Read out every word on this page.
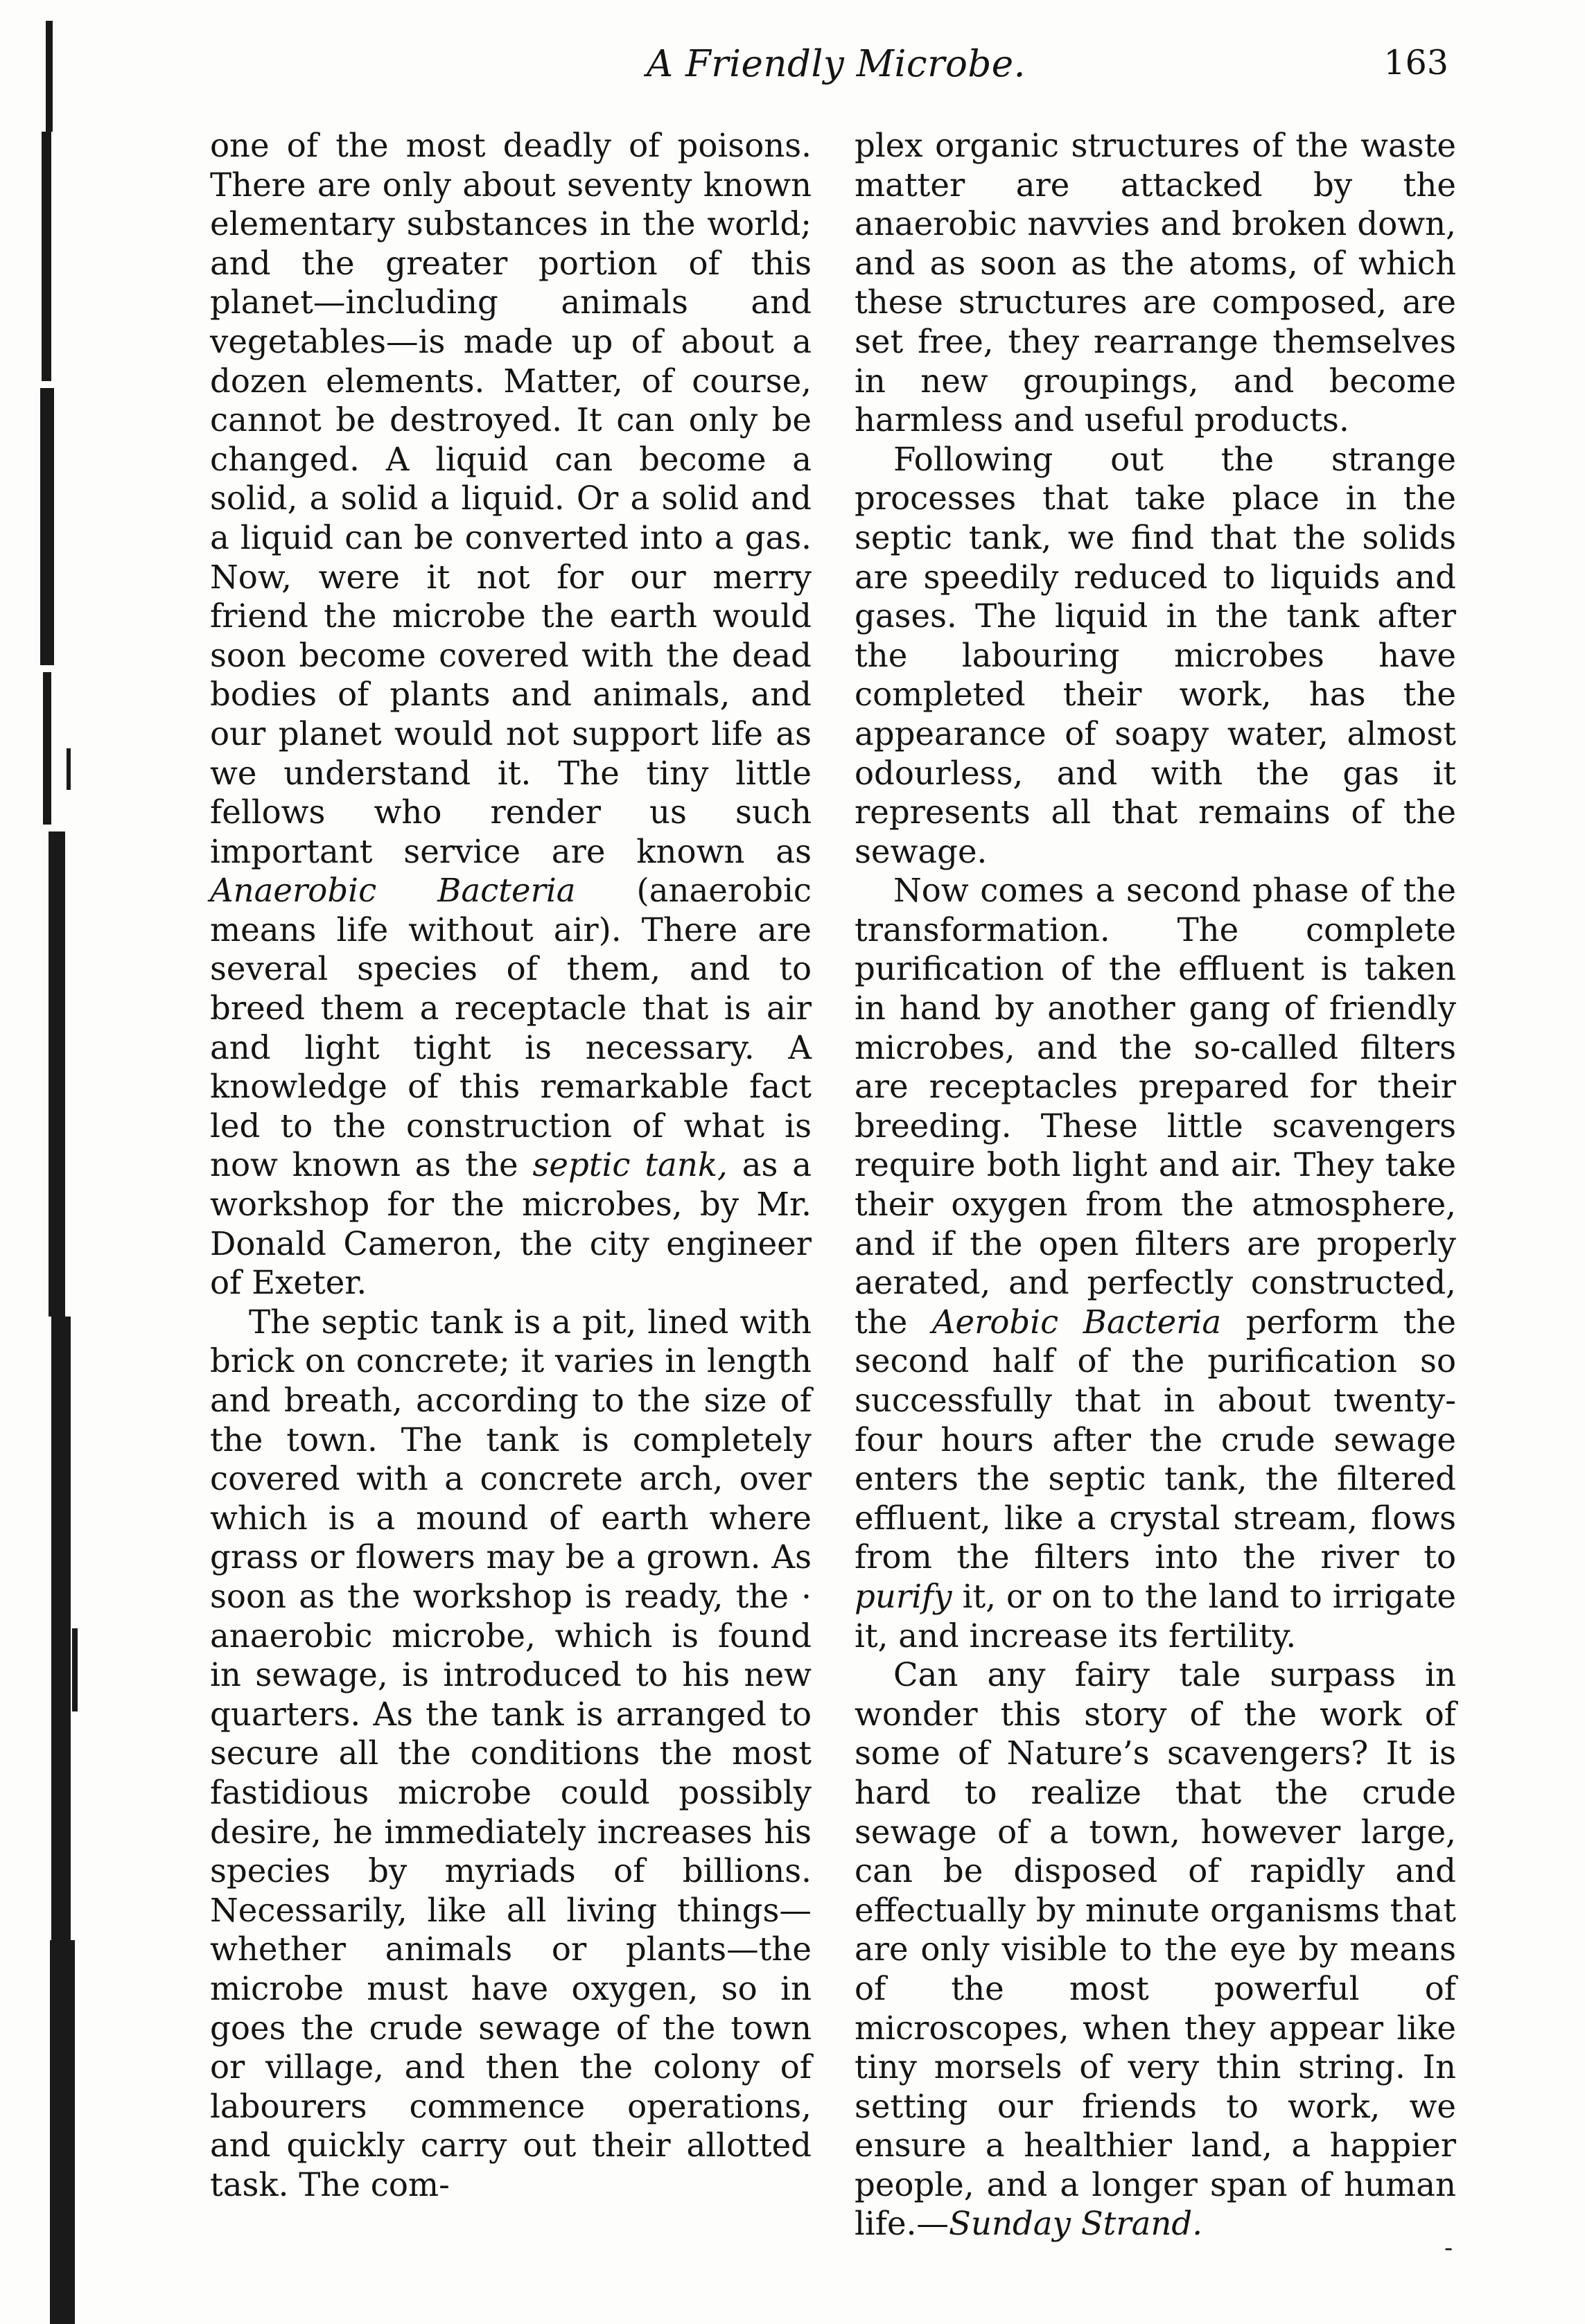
A Friendly Microbe.	163

one of the most deadly of poisons. There are only about seventy known elementary substances in the world; and the greater portion of this planet—including animals and vegetables—is made up of about a dozen elements. Matter, of course, cannot be destroyed. It can only be changed. A liquid can become a solid, a solid a liquid. Or a solid and a liquid can be converted into a gas. Now, were it not for our merry friend the microbe the earth would soon become covered with the dead bodies of plants and animals, and our planet would not support life as we understand it. The tiny little fellows who render us such important service are known as Anaerobic Bacteria (anaerobic means life without air). There are several species of them, and to breed them a receptacle that is air and light tight is necessary. A knowledge of this remarkable fact led to the construction of what is now known as the septic tank, as a workshop for the microbes, by Mr. Donald Cameron, the city engineer of Exeter.

The septic tank is a pit, lined with brick on concrete; it varies in length and breath, according to the size of the town. The tank is completely covered with a concrete arch, over which is a mound of earth where grass or flowers may be a grown. As soon as the workshop is ready, the · anaerobic microbe, which is found in sewage, is introduced to his new quarters. As the tank is arranged to secure all the conditions the most fastidious microbe could possibly desire, he immediately increases his species by myriads of billions. Necessarily, like all living things—whether animals or plants—the microbe must have oxygen, so in goes the crude sewage of the town or village, and then the colony of labourers commence operations, and quickly carry out their allotted task. The com-

plex organic structures of the waste matter are attacked by the anaerobic navvies and broken down, and as soon as the atoms, of which these structures are composed, are set free, they rearrange themselves in new groupings, and become harmless and useful products.

Following out the strange processes that take place in the septic tank, we find that the solids are speedily reduced to liquids and gases. The liquid in the tank after the labouring microbes have completed their work, has the appearance of soapy water, almost odourless, and with the gas it represents all that remains of the sewage.

Now comes a second phase of the transformation. The complete purification of the effluent is taken in hand by another gang of friendly microbes, and the so-called filters are receptacles prepared for their breeding. These little scavengers require both light and air. They take their oxygen from the atmosphere, and if the open filters are properly aerated, and perfectly constructed, the Aerobic Bacteria perform the second half of the purification so successfully that in about twenty-four hours after the crude sewage enters the septic tank, the filtered effluent, like a crystal stream, flows from the filters into the river to purify it, or on to the land to irrigate it, and increase its fertility.

Can any fairy tale surpass in wonder this story of the work of some of Nature’s scavengers? It is hard to realize that the crude sewage of a town, however large, can be disposed of rapidly and effectually by minute organisms that are only visible to the eye by means of the most powerful of microscopes, when they appear like tiny morsels of very thin string. In setting our friends to work, we ensure a healthier land, a happier people, and a longer span of human life.—Sunday Strand.

-
